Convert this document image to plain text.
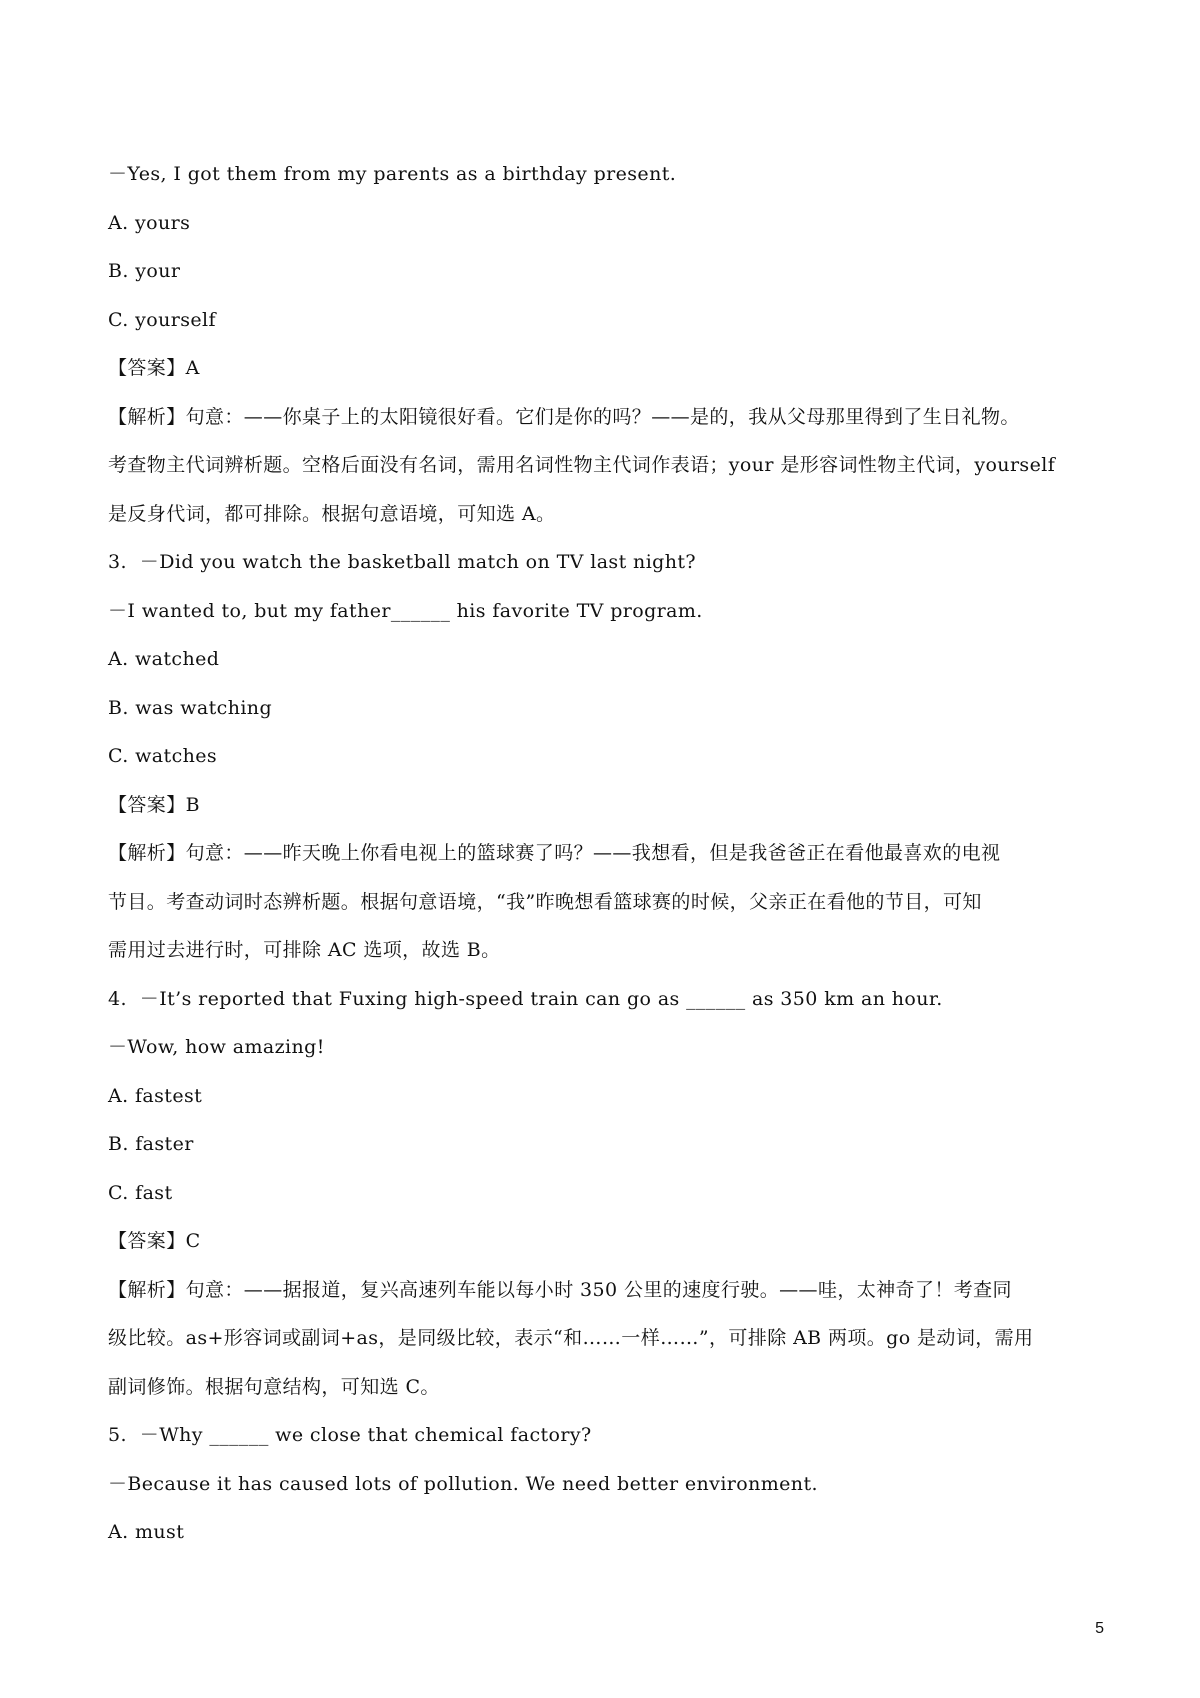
－Yes, I got them from my parents as a birthday present.
A. yours
B. your
C. yourself
【答案】A
【解析】句意：——你桌子上的太阳镜很好看。它们是你的吗？——是的，我从父母那里得到了生日礼物。
考查物主代词辨析题。空格后面没有名词，需用名词性物主代词作表语；your 是形容词性物主代词，yourself
是反身代词，都可排除。根据句意语境，可知选 A。
3.  －Did you watch the basketball match on TV last night?
－I wanted to, but my father______ his favorite TV program.
A. watched
B. was watching
C. watches
【答案】B
【解析】句意：——昨天晚上你看电视上的篮球赛了吗？——我想看，但是我爸爸正在看他最喜欢的电视
节目。考查动词时态辨析题。根据句意语境，“我”昨晚想看篮球赛的时候，父亲正在看他的节目，可知
需用过去进行时，可排除 AC 选项，故选 B。
4.  －It’s reported that Fuxing high-speed train can go as ______ as 350 km an hour.
－Wow, how amazing!
A. fastest
B. faster
C. fast
【答案】C
【解析】句意：——据报道，复兴高速列车能以每小时 350 公里的速度行驶。——哇，太神奇了！考查同
级比较。as+形容词或副词+as，是同级比较，表示“和……一样……”，可排除 AB 两项。go 是动词，需用
副词修饰。根据句意结构，可知选 C。
5.  －Why ______ we close that chemical factory?
－Because it has caused lots of pollution. We need better environment.
A. must
5
